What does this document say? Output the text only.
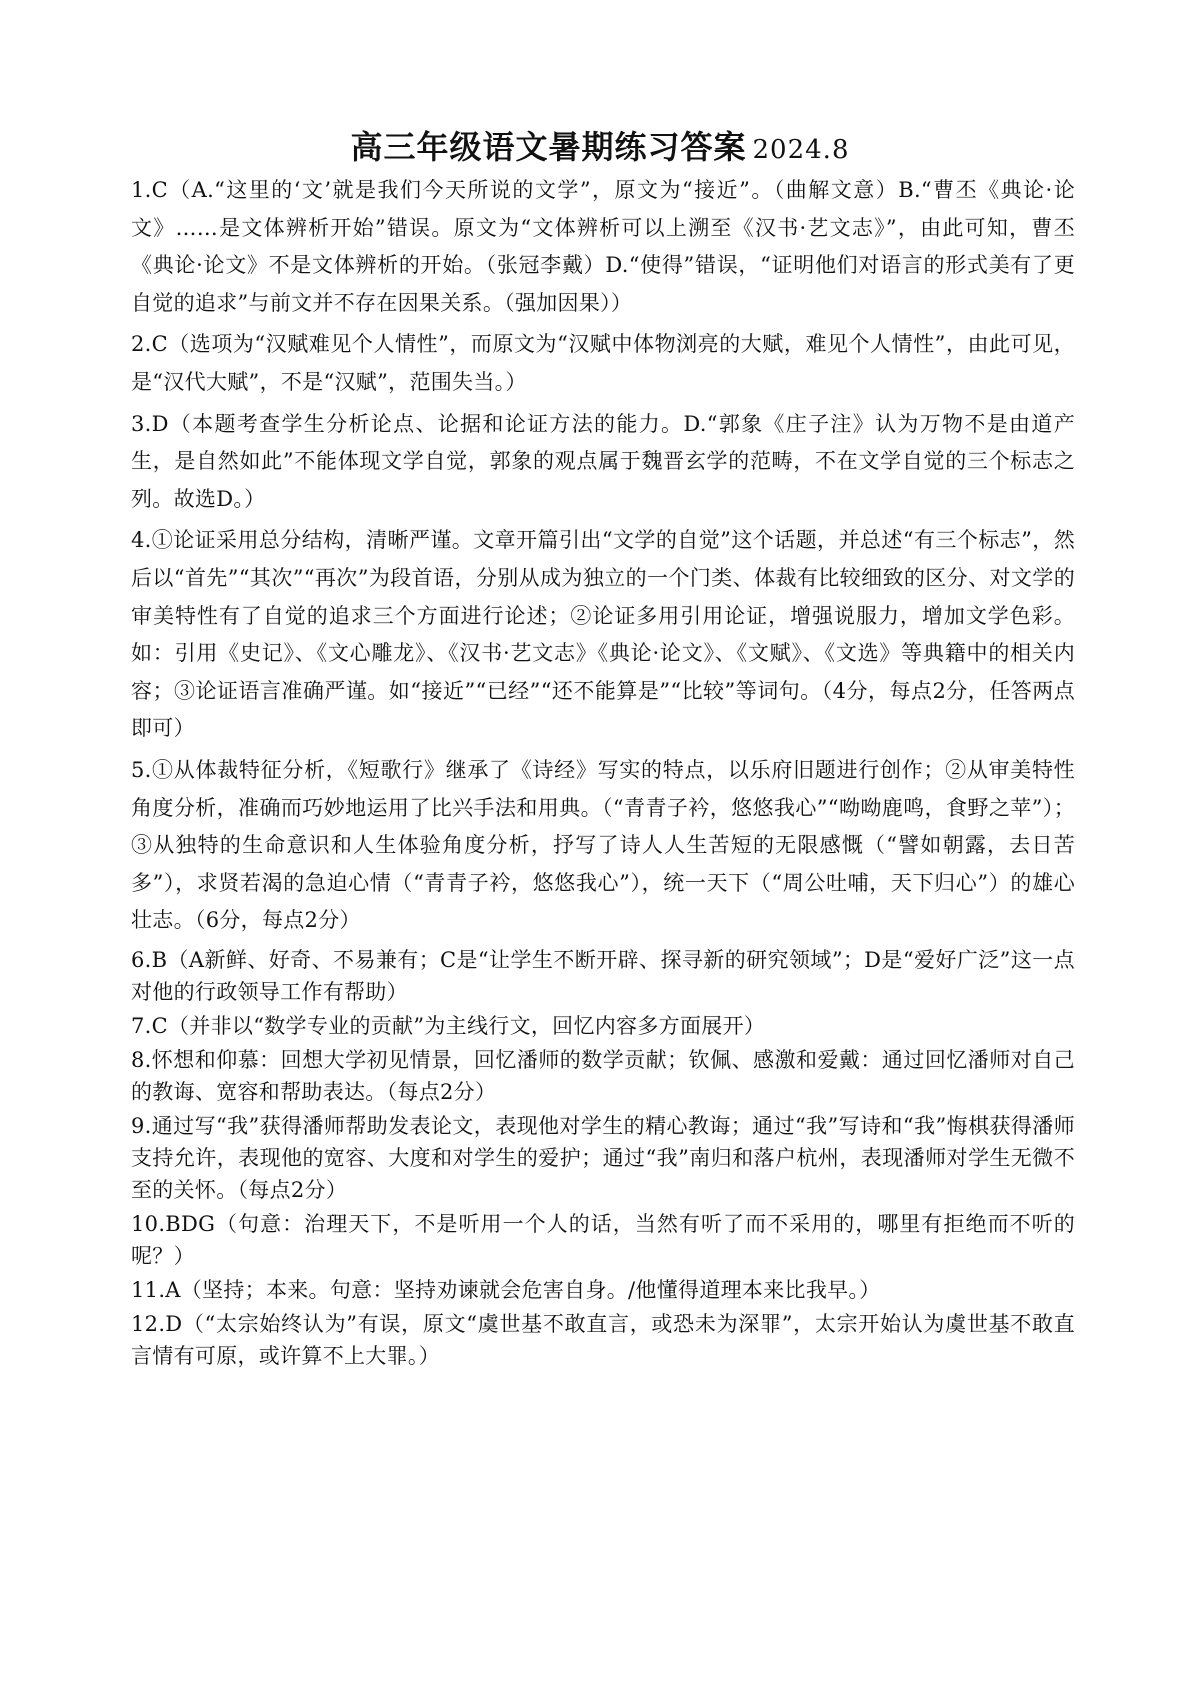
高三年级语文暑期练习答案 2024.8

1.C（A.“这里的‘文’就是我们今天所说的文学”，原文为“接近”。（曲解文意）B.“曹丕《典论·论文》……是文体辨析开始”错误。原文为“文体辨析可以上溯至《汉书·艺文志》”，由此可知，曹丕《典论·论文》不是文体辨析的开始。（张冠李戴）D.“使得”错误，“证明他们对语言的形式美有了更自觉的追求”与前文并不存在因果关系。（强加因果））

2.C（选项为“汉赋难见个人情性”，而原文为“汉赋中体物浏亮的大赋，难见个人情性”，由此可见，是“汉代大赋”，不是“汉赋”，范围失当。）

3.D（本题考查学生分析论点、论据和论证方法的能力。D.“郭象《庄子注》认为万物不是由道产生，是自然如此”不能体现文学自觉，郭象的观点属于魏晋玄学的范畴，不在文学自觉的三个标志之列。故选D。）

4.①论证采用总分结构，清晰严谨。文章开篇引出“文学的自觉”这个话题，并总述“有三个标志”，然后以“首先”“其次”“再次”为段首语，分别从成为独立的一个门类、体裁有比较细致的区分、对文学的审美特性有了自觉的追求三个方面进行论述；②论证多用引用论证，增强说服力，增加文学色彩。如：引用《史记》、《文心雕龙》、《汉书·艺文志》《典论·论文》、《文赋》、《文选》等典籍中的相关内容；③论证语言准确严谨。如“接近”“已经”“还不能算是”“比较”等词句。（4分，每点2分，任答两点即可）

5.①从体裁特征分析，《短歌行》继承了《诗经》写实的特点，以乐府旧题进行创作；②从审美特性角度分析，准确而巧妙地运用了比兴手法和用典。（“青青子衿，悠悠我心”“呦呦鹿鸣，食野之苹”）；③从独特的生命意识和人生体验角度分析，抒写了诗人人生苦短的无限感慨（“譬如朝露，去日苦多”），求贤若渴的急迫心情（“青青子衿，悠悠我心”），统一天下（“周公吐哺，天下归心”）的雄心壮志。（6分，每点2分）

6.B（A新鲜、好奇、不易兼有；C是“让学生不断开辟、探寻新的研究领域”；D是“爱好广泛”这一点对他的行政领导工作有帮助）

7.C（并非以“数学专业的贡献”为主线行文，回忆内容多方面展开）

8.怀想和仰慕：回想大学初见情景，回忆潘师的数学贡献；钦佩、感激和爱戴：通过回忆潘师对自己的教诲、宽容和帮助表达。（每点2分）

9.通过写“我”获得潘师帮助发表论文，表现他对学生的精心教诲；通过“我”写诗和“我”悔棋获得潘师支持允许，表现他的宽容、大度和对学生的爱护；通过“我”南归和落户杭州，表现潘师对学生无微不至的关怀。（每点2分）

10.BDG（句意：治理天下，不是听用一个人的话，当然有听了而不采用的，哪里有拒绝而不听的呢？）

11.A（坚持；本来。句意：坚持劝谏就会危害自身。/他懂得道理本来比我早。）

12.D（“太宗始终认为”有误，原文“虞世基不敢直言，或恐未为深罪”，太宗开始认为虞世基不敢直言情有可原，或许算不上大罪。）
